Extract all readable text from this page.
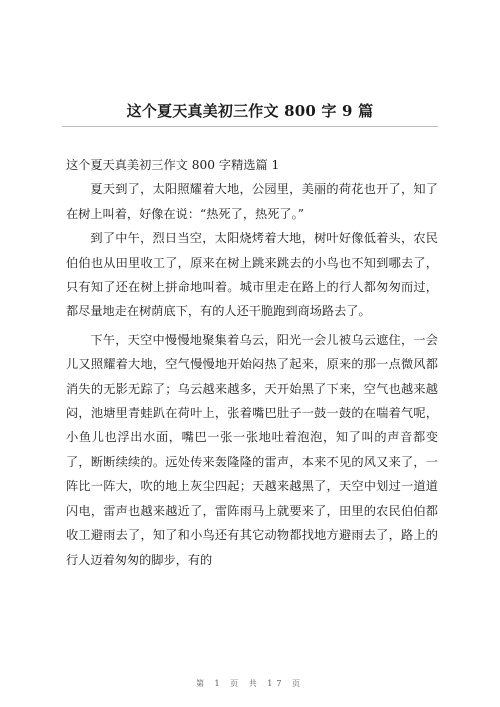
这个夏天真美初三作文 800 字 9 篇

这个夏天真美初三作文 800 字精选篇 1

夏天到了，太阳照耀着大地，公园里，美丽的荷花也开了，知了在树上叫着，好像在说：“热死了，热死了。”

到了中午，烈日当空，太阳烧烤着大地，树叶好像低着头，农民伯伯也从田里收工了，原来在树上跳来跳去的小鸟也不知到哪去了，只有知了还在树上拼命地叫着。城市里走在路上的行人都匆匆而过，都尽量地走在树荫底下，有的人还干脆跑到商场路去了。

下午，天空中慢慢地聚集着乌云，阳光一会儿被乌云遮住，一会儿又照耀着大地，空气慢慢地开始闷热了起来，原来的那一点微风都消失的无影无踪了；乌云越来越多，天开始黑了下来，空气也越来越闷，池塘里青蛙趴在荷叶上，张着嘴巴肚子一鼓一鼓的在喘着气呢，小鱼儿也浮出水面，嘴巴一张一张地吐着泡泡，知了叫的声音都变了，断断续续的。远处传来轰隆隆的雷声，本来不见的风又来了，一阵比一阵大，吹的地上灰尘四起；天越来越黑了，天空中划过一道道闪电，雷声也越来越近了，雷阵雨马上就要来了，田里的农民伯伯都收工避雨去了，知了和小鸟还有其它动物都找地方避雨去了，路上的行人迈着匆匆的脚步，有的

第 1 页 共 17 页
